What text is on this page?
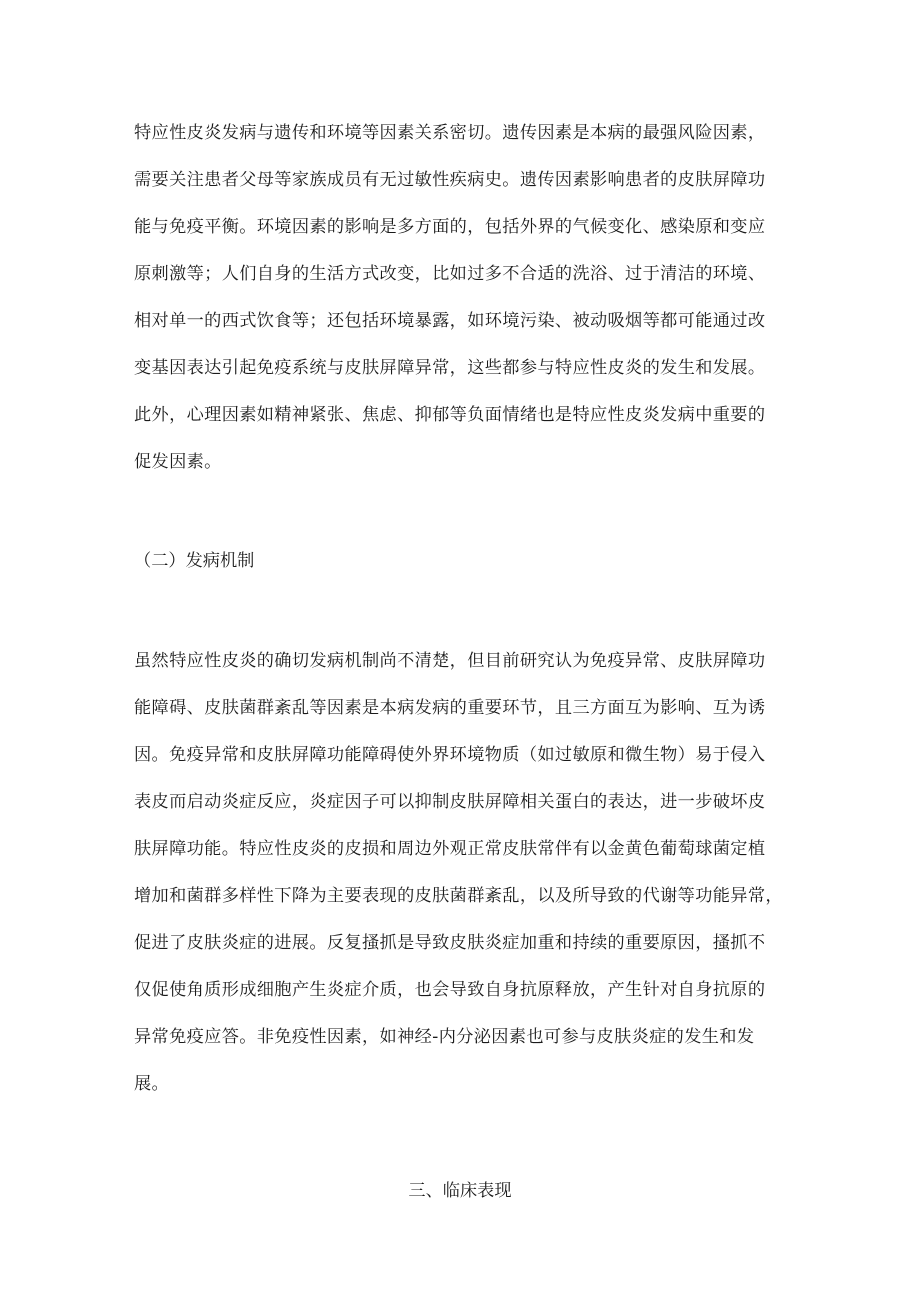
特应性皮炎发病与遗传和环境等因素关系密切。遗传因素是本病的最强风险因素，
需要关注患者父母等家族成员有无过敏性疾病史。遗传因素影响患者的皮肤屏障功
能与免疫平衡。环境因素的影响是多方面的，包括外界的气候变化、感染原和变应
原刺激等；人们自身的生活方式改变，比如过多不合适的洗浴、过于清洁的环境、
相对单一的西式饮食等；还包括环境暴露，如环境污染、被动吸烟等都可能通过改
变基因表达引起免疫系统与皮肤屏障异常，这些都参与特应性皮炎的发生和发展。
此外，心理因素如精神紧张、焦虑、抑郁等负面情绪也是特应性皮炎发病中重要的
促发因素。
（二）发病机制
虽然特应性皮炎的确切发病机制尚不清楚，但目前研究认为免疫异常、皮肤屏障功
能障碍、皮肤菌群紊乱等因素是本病发病的重要环节，且三方面互为影响、互为诱
因。免疫异常和皮肤屏障功能障碍使外界环境物质（如过敏原和微生物）易于侵入
表皮而启动炎症反应，炎症因子可以抑制皮肤屏障相关蛋白的表达，进一步破坏皮
肤屏障功能。特应性皮炎的皮损和周边外观正常皮肤常伴有以金黄色葡萄球菌定植
增加和菌群多样性下降为主要表现的皮肤菌群紊乱，以及所导致的代谢等功能异常，
促进了皮肤炎症的进展。反复搔抓是导致皮肤炎症加重和持续的重要原因，搔抓不
仅促使角质形成细胞产生炎症介质，也会导致自身抗原释放，产生针对自身抗原的
异常免疫应答。非免疫性因素，如神经-内分泌因素也可参与皮肤炎症的发生和发
展。
三、临床表现
